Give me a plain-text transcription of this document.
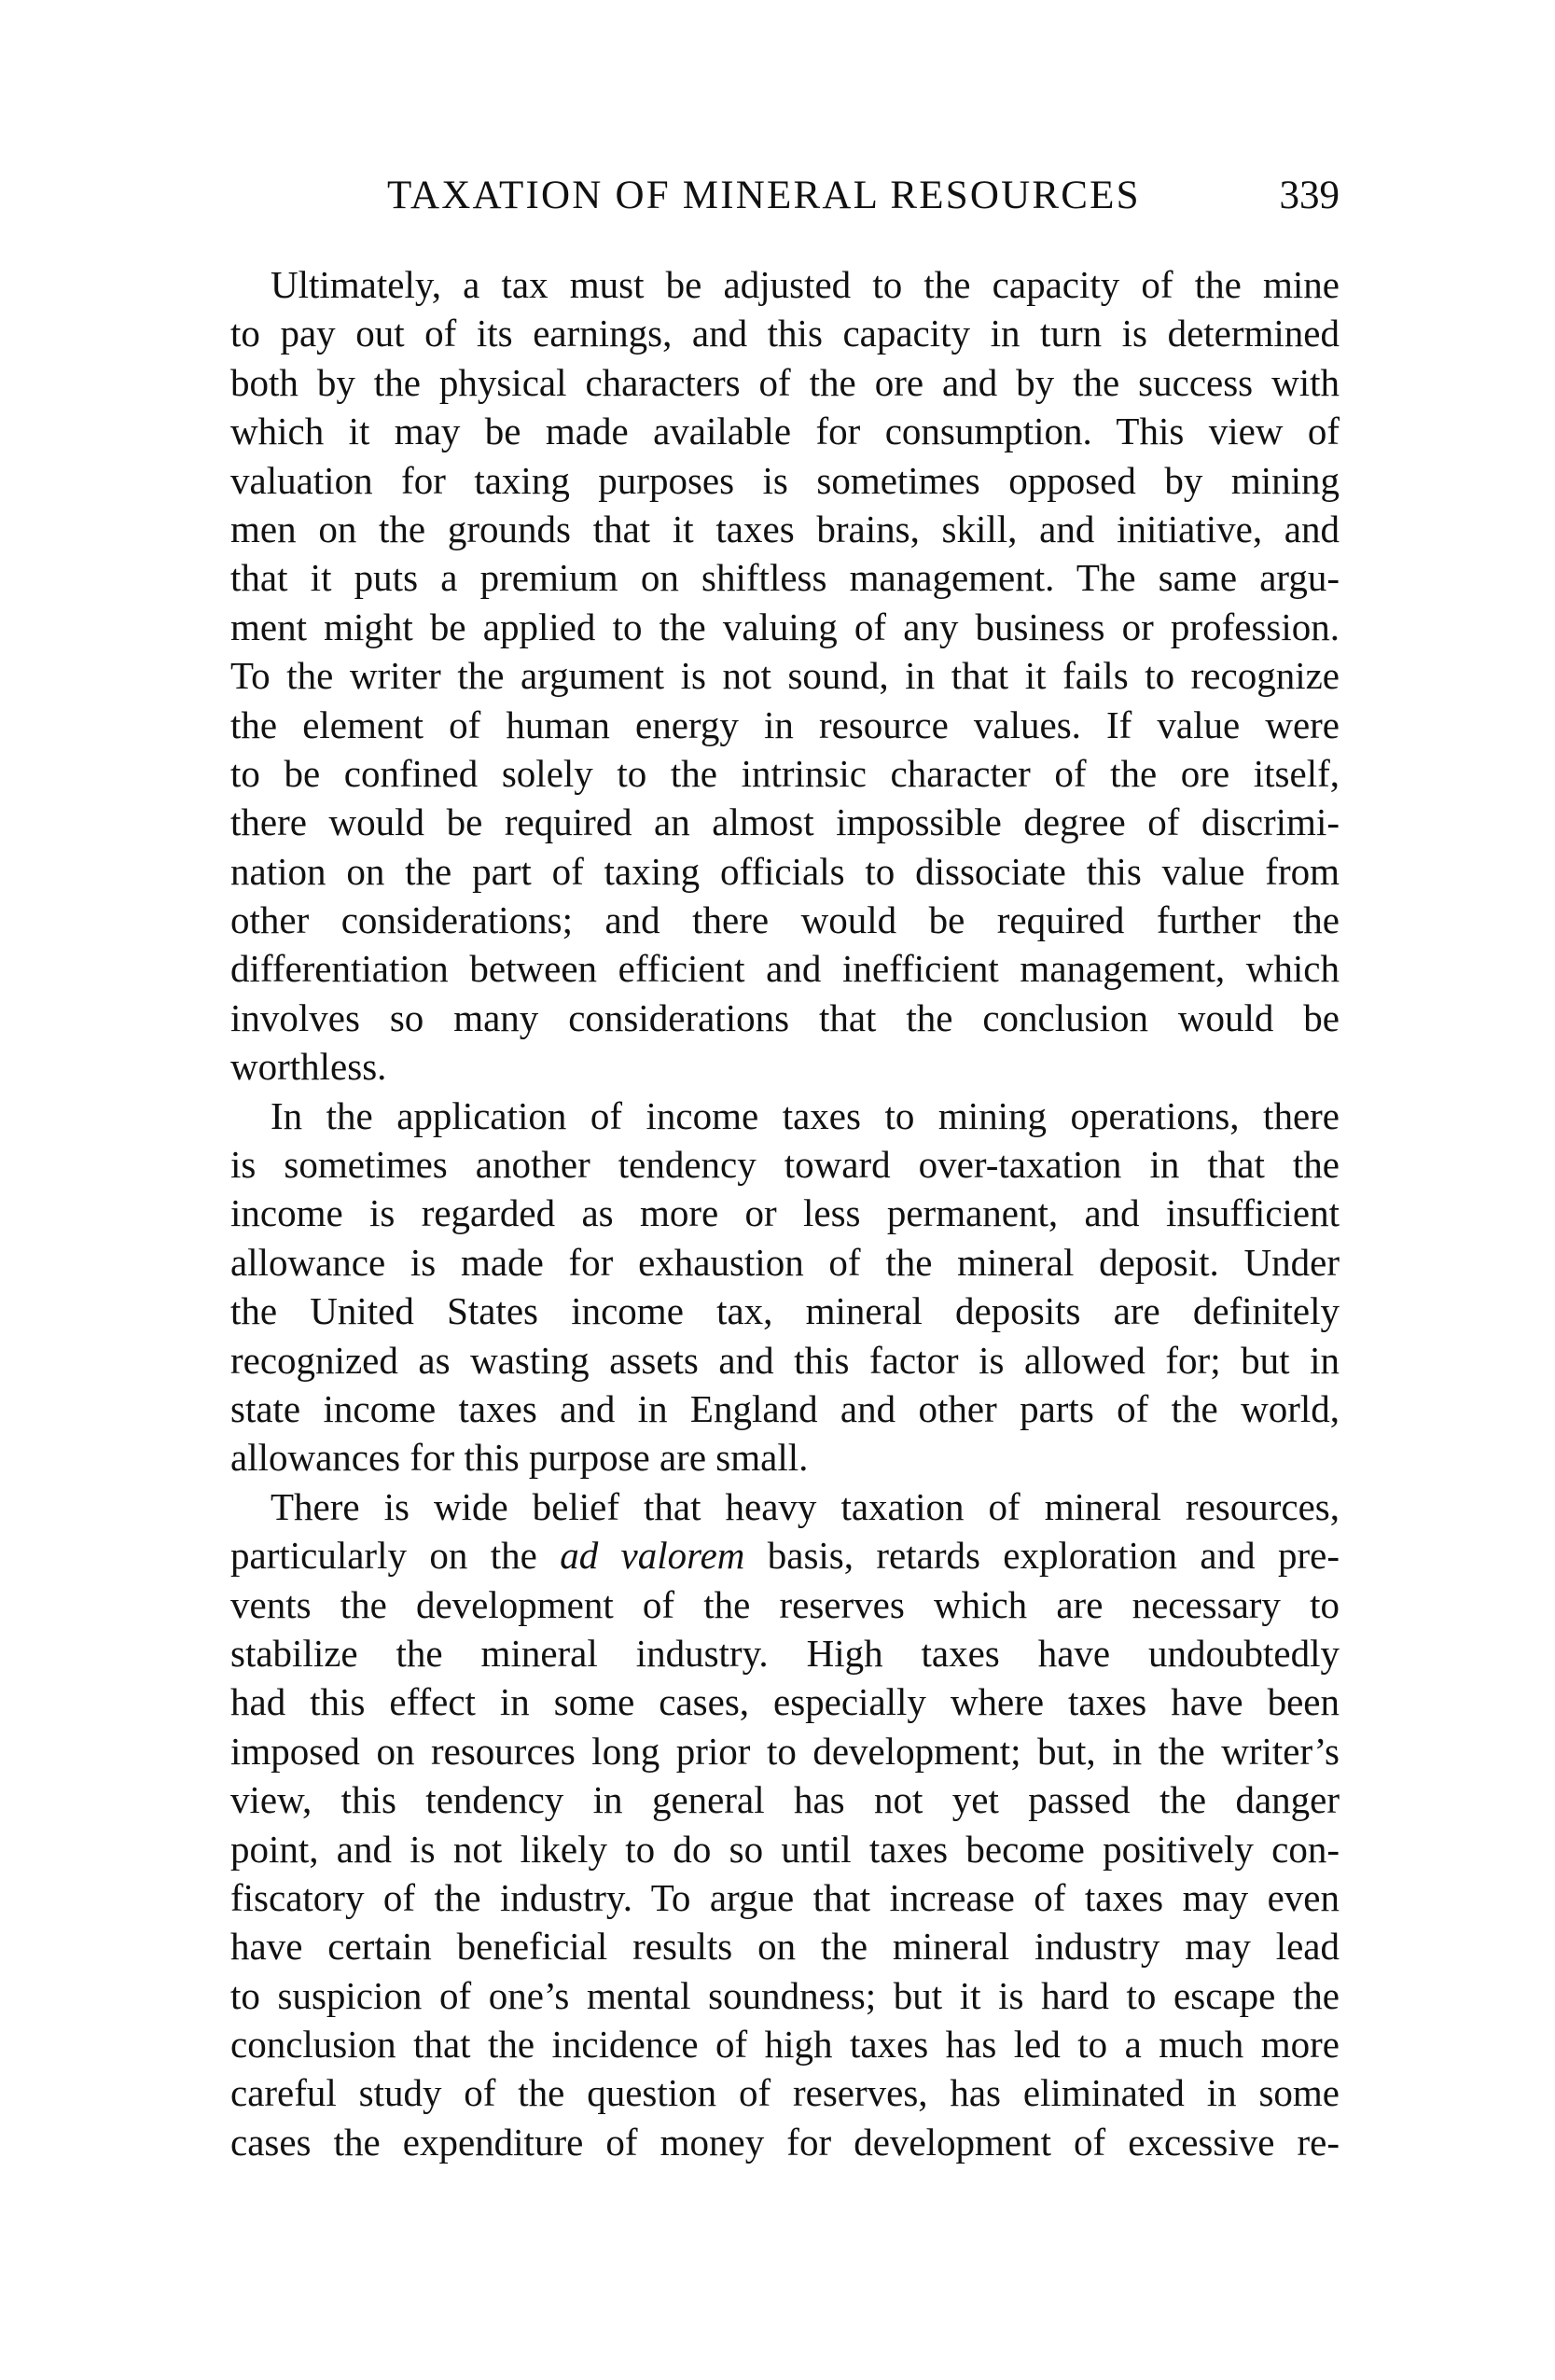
TAXATION OF MINERAL RESOURCES	339
Ultimately, a tax must be adjusted to the capacity of the mine
to pay out of its earnings, and this capacity in turn is determined
both by the physical characters of the ore and by the success with
which it may be made available for consumption. This view of
valuation for taxing purposes is sometimes opposed by mining
men on the grounds that it taxes brains, skill, and initiative, and
that it puts a premium on shiftless management. The same argu-
ment might be applied to the valuing of any business or profession.
To the writer the argument is not sound, in that it fails to recognize
the element of human energy in resource values. If value were
to be confined solely to the intrinsic character of the ore itself,
there would be required an almost impossible degree of discrimi-
nation on the part of taxing officials to dissociate this value from
other considerations; and there would be required further the
differentiation between efficient and inefficient management, which
involves so many considerations that the conclusion would be
worthless.
In the application of income taxes to mining operations, there
is sometimes another tendency toward over-taxation in that the
income is regarded as more or less permanent, and insufficient
allowance is made for exhaustion of the mineral deposit. Under
the United States income tax, mineral deposits are definitely
recognized as wasting assets and this factor is allowed for; but in
state income taxes and in England and other parts of the world,
allowances for this purpose are small.
There is wide belief that heavy taxation of mineral resources,
particularly on the ad valorem basis, retards exploration and pre-
vents the development of the reserves which are necessary to
stabilize the mineral industry. High taxes have undoubtedly
had this effect in some cases, especially where taxes have been
imposed on resources long prior to development; but, in the writer’s
view, this tendency in general has not yet passed the danger
point, and is not likely to do so until taxes become positively con-
fiscatory of the industry. To argue that increase of taxes may even
have certain beneficial results on the mineral industry may lead
to suspicion of one’s mental soundness; but it is hard to escape the
conclusion that the incidence of high taxes has led to a much more
careful study of the question of reserves, has eliminated in some
cases the expenditure of money for development of excessive re-
